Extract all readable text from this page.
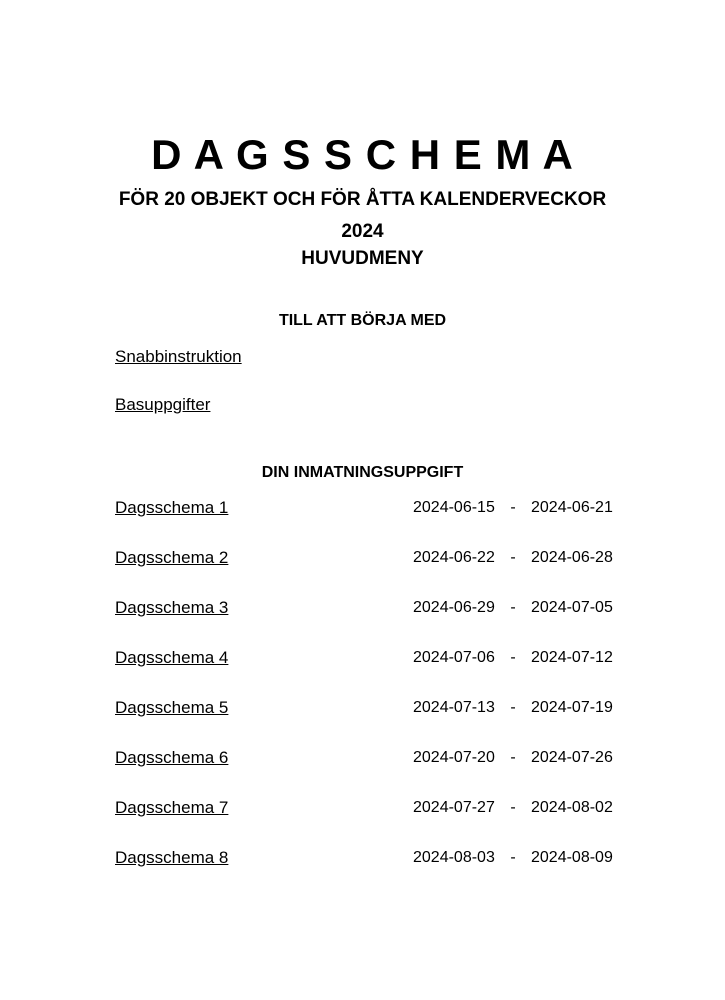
D A G S S C H E M A
FÖR 20 OBJEKT OCH FÖR ÅTTA KALENDERVECKOR
2024
HUVUDMENY
TILL ATT BÖRJA MED
Snabbinstruktion
Basuppgifter
DIN INMATNINGSUPPGIFT
Dagsschema 1	2024-06-15 - 2024-06-21
Dagsschema 2	2024-06-22 - 2024-06-28
Dagsschema 3	2024-06-29 - 2024-07-05
Dagsschema 4	2024-07-06 - 2024-07-12
Dagsschema 5	2024-07-13 - 2024-07-19
Dagsschema 6	2024-07-20 - 2024-07-26
Dagsschema 7	2024-07-27 - 2024-08-02
Dagsschema 8	2024-08-03 - 2024-08-09
